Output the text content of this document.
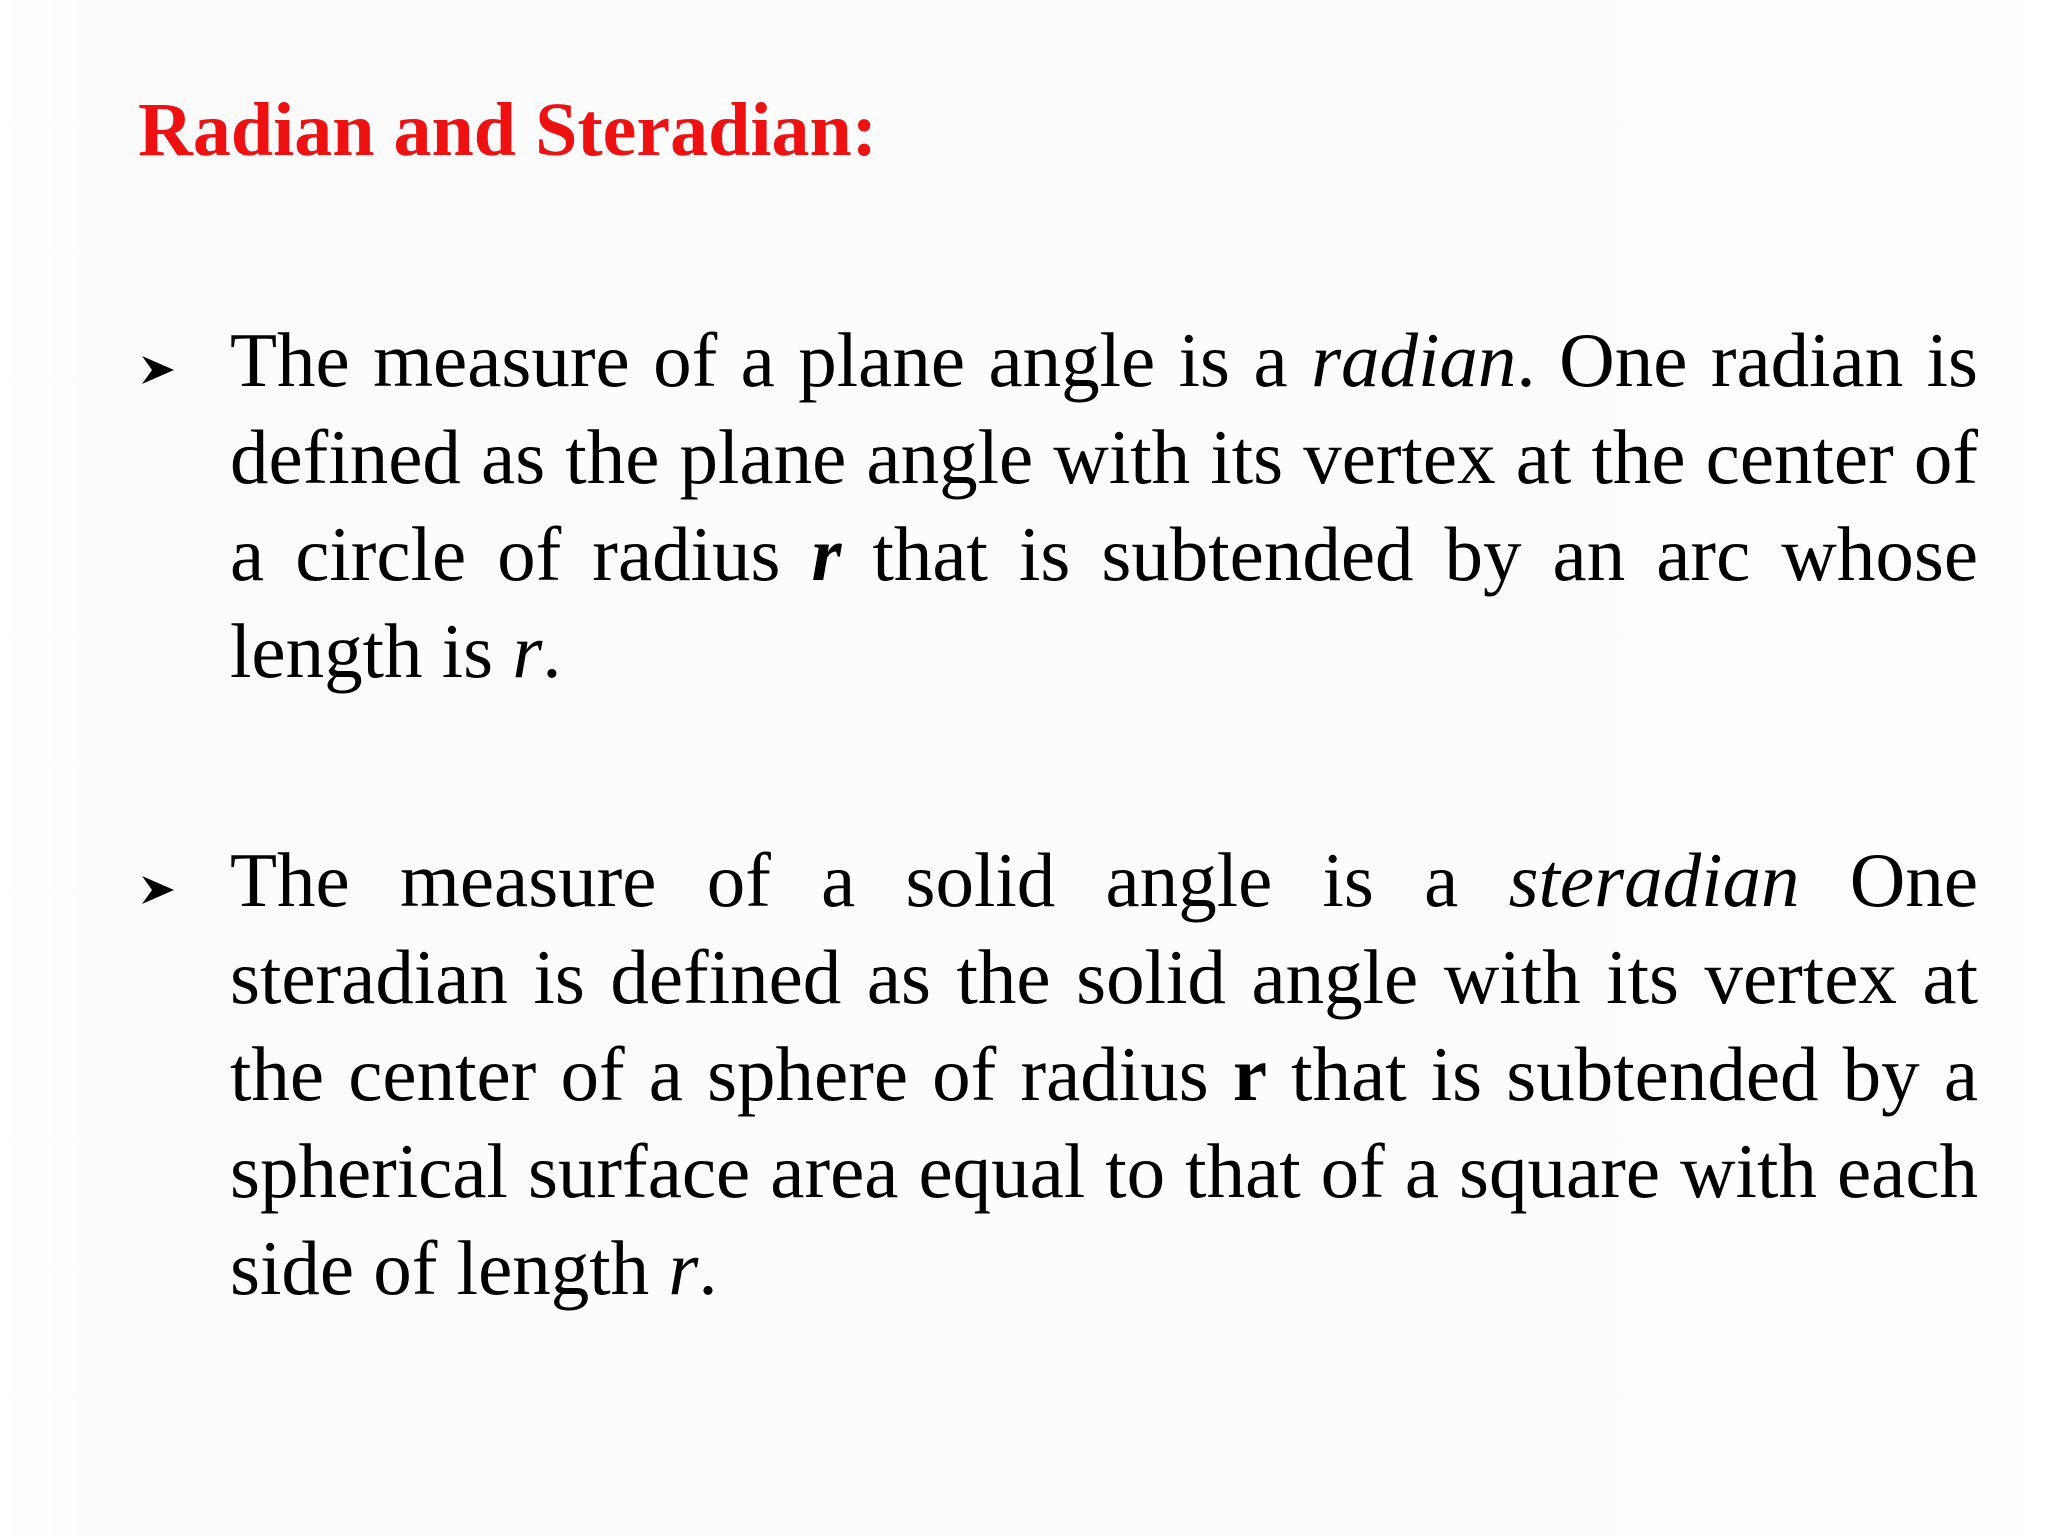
Radian and Steradian:

The measure of a plane angle is a radian. One radian is defined as the plane angle with its vertex at the center of a circle of radius r that is subtended by an arc whose length is r.

The measure of a solid angle is a steradian One steradian is defined as the solid angle with its vertex at the center of a sphere of radius r that is subtended by a spherical surface area equal to that of a square with each side of length r.
